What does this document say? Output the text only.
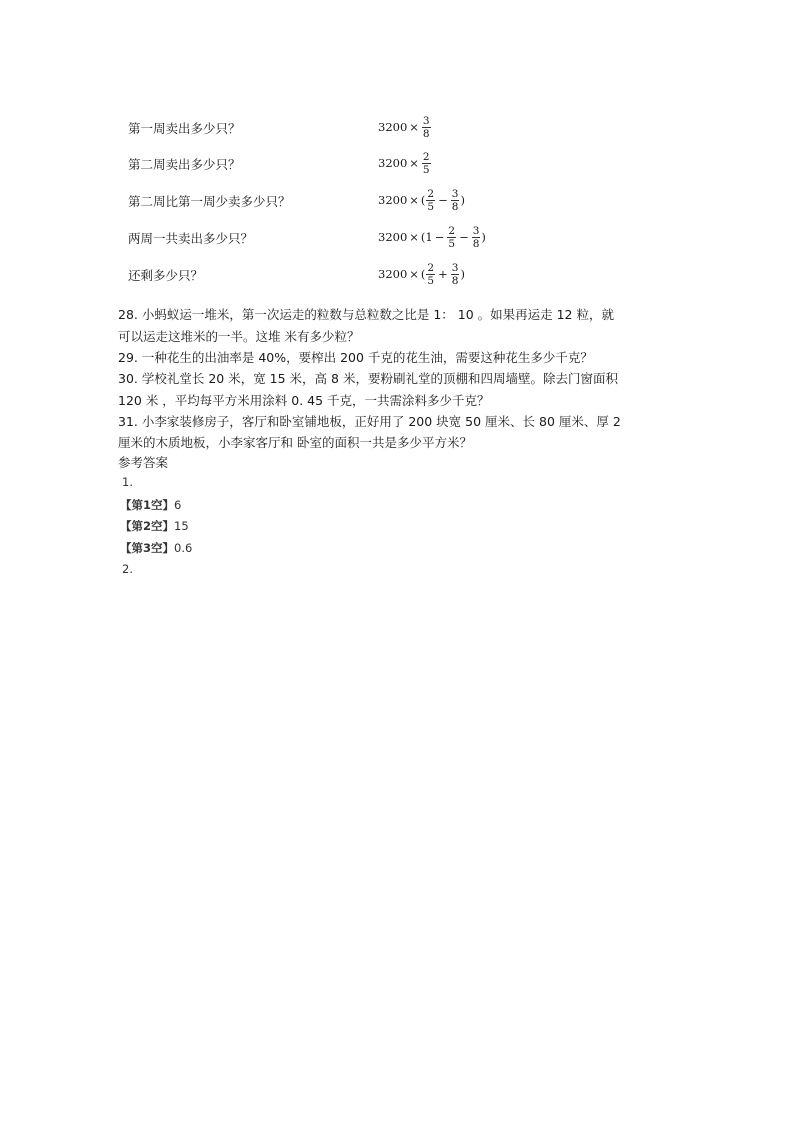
第一周卖出多少只？	$3200 \times \frac{3}{8}$
第二周卖出多少只？	$3200 \times \frac{2}{5}$
第二周比第一周少卖多少只？	3200 × ( $\frac{2}{5} - \frac{3}{8}$ )
两周一共卖出多少只？	$3200 \times (1 - \frac{2}{5} - \frac{3}{8}$ )
还剩多少只？	3200 × ( $\frac{2}{5} + \frac{3}{8}$ )

28. 小蚂蚁运一堆米，第一次运走的粒数与总粒数之比是 1： 10 。如果再运走 12 粒，就

可以运走这堆米的一半。这堆 米有多少粒？

29. 一种花生的出油率是 40%，要榨出 200 千克的花生油，需要这种花生多少千克？

30. 学校礼堂长 20 米，宽 15 米，高 8 米，要粉刷礼堂的顶棚和四周墙壁。除去门窗面积

120 米 ，平均每平方米用涂料 0. 45 千克，一共需涂料多少千克？

31. 小李家装修房子，客厅和卧室铺地板，正好用了 200 块宽 50 厘米、长 80 厘米、厚 2

厘米的木质地板，小李家客厅和 卧室的面积一共是多少平方米？

参考答案

1.

【第1空】6

【第2空】15

【第3空】0.6

2.
